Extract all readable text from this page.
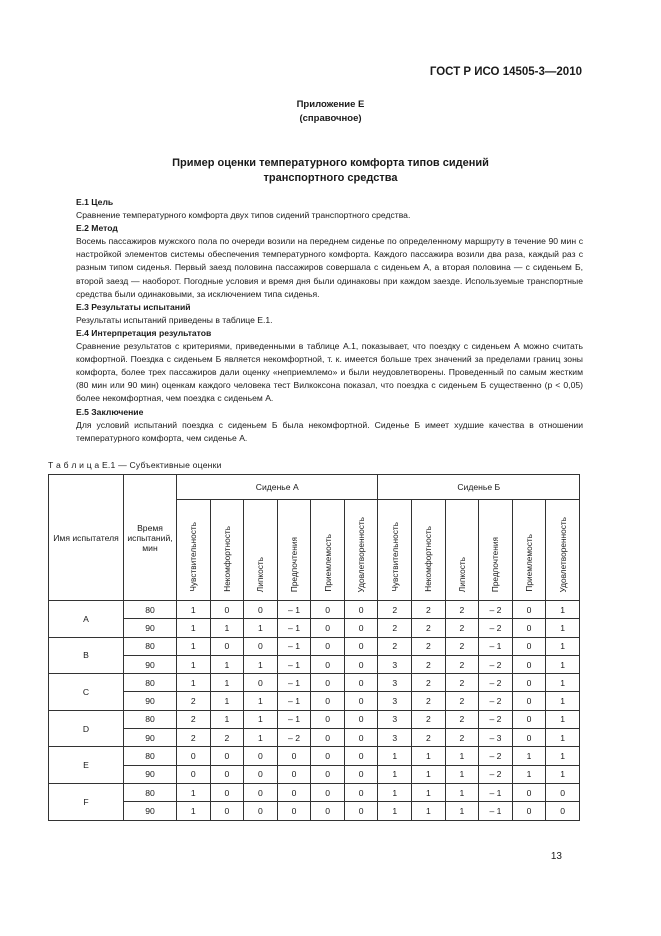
ГОСТ Р ИСО 14505-3—2010
Приложение Е
(справочное)
Пример оценки температурного комфорта типов сидений
транспортного средства

Е.1 Цель

Сравнение температурного комфорта двух типов сидений транспортного средства.

Е.2 Метод

Восемь пассажиров мужского пола по очереди возили на переднем сиденье по определенному маршруту в течение 90 мин с настройкой элементов системы обеспечения температурного комфорта. Каждого пассажира возили два раза, каждый раз с разным типом сиденья. Первый заезд половина пассажиров совершала с сиденьем А, а вторая половина — с сиденьем Б, второй заезд — наоборот. Погодные условия и время дня были одинаковы при каждом заезде. Используемые транспортные средства были одинаковыми, за исключением типа сиденья.

Е.3 Результаты испытаний

Результаты испытаний приведены в таблице Е.1.

Е.4 Интерпретация результатов

Сравнение результатов с критериями, приведенными в таблице А.1, показывает, что поездку с сиденьем А можно считать комфортной. Поездка с сиденьем Б является некомфортной, т. к. имеется больше трех значений за пределами границ зоны комфорта, более трех пассажиров дали оценку «неприемлемо» и были неудовлетворены. Проведенный по самым жестким (80 мин или 90 мин) оценкам каждого человека тест Вилкоксона показал, что поездка с сиденьем Б существенно (р < 0,05) более некомфортная, чем поездка с сиденьем А.

Е.5 Заключение

Для условий испытаний поездка с сиденьем Б была некомфортной. Сиденье Б имеет худшие качества в отношении температурного комфорта, чем сиденье А.

Т а б л и ц а Е.1 — Субъективные оценки
Имя испытателя	Время испытаний, мин	Сиденье А						Сиденье Б					
		Чувствительность	Некомфортность	Липкость	Предпочтения	Приемлемость	Удовлетворенность	Чувствительность	Некомфортность	Липкость	Предпочтения	Приемлемость	Удовлетворенность
А	80	1	0	0	– 1	0	0	2	2	2	– 2	0	1
	90	1	1	1	– 1	0	0	2	2	2	– 2	0	1
В	80	1	0	0	– 1	0	0	2	2	2	– 1	0	1
	90	1	1	1	– 1	0	0	3	2	2	– 2	0	1
С	80	1	1	0	– 1	0	0	3	2	2	– 2	0	1
	90	2	1	1	– 1	0	0	3	2	2	– 2	0	1
D	80	2	1	1	– 1	0	0	3	2	2	– 2	0	1
	90	2	2	1	– 2	0	0	3	2	2	– 3	0	1
Е	80	0	0	0	0	0	0	1	1	1	– 2	1	1
	90	0	0	0	0	0	0	1	1	1	– 2	1	1
F	80	1	0	0	0	0	0	1	1	1	– 1	0	0
	90	1	0	0	0	0	0	1	1	1	– 1	0	0
13
